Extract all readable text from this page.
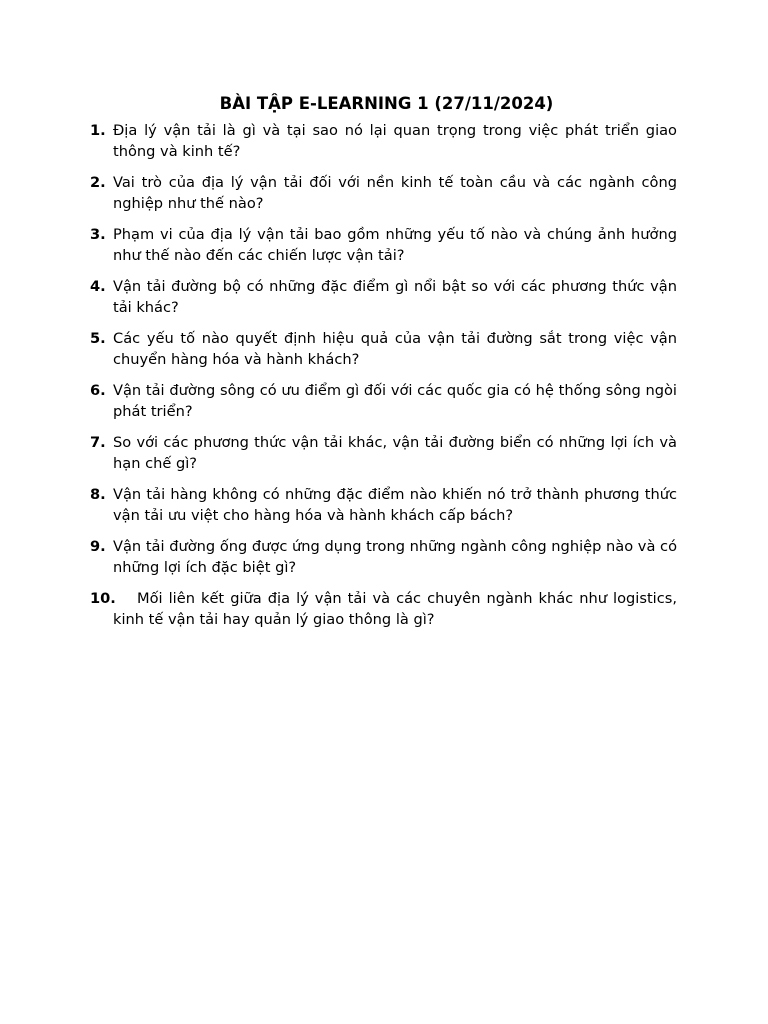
BÀI TẬP E-LEARNING 1 (27/11/2024)
1. Địa lý vận tải là gì và tại sao nó lại quan trọng trong việc phát triển giao thông và kinh tế?
2. Vai trò của địa lý vận tải đối với nền kinh tế toàn cầu và các ngành công nghiệp như thế nào?
3. Phạm vi của địa lý vận tải bao gồm những yếu tố nào và chúng ảnh hưởng như thế nào đến các chiến lược vận tải?
4. Vận tải đường bộ có những đặc điểm gì nổi bật so với các phương thức vận tải khác?
5. Các yếu tố nào quyết định hiệu quả của vận tải đường sắt trong việc vận chuyển hàng hóa và hành khách?
6. Vận tải đường sông có ưu điểm gì đối với các quốc gia có hệ thống sông ngòi phát triển?
7. So với các phương thức vận tải khác, vận tải đường biển có những lợi ích và hạn chế gì?
8. Vận tải hàng không có những đặc điểm nào khiến nó trở thành phương thức vận tải ưu việt cho hàng hóa và hành khách cấp bách?
9. Vận tải đường ống được ứng dụng trong những ngành công nghiệp nào và có những lợi ích đặc biệt gì?
10. Mối liên kết giữa địa lý vận tải và các chuyên ngành khác như logistics, kinh tế vận tải hay quản lý giao thông là gì?
